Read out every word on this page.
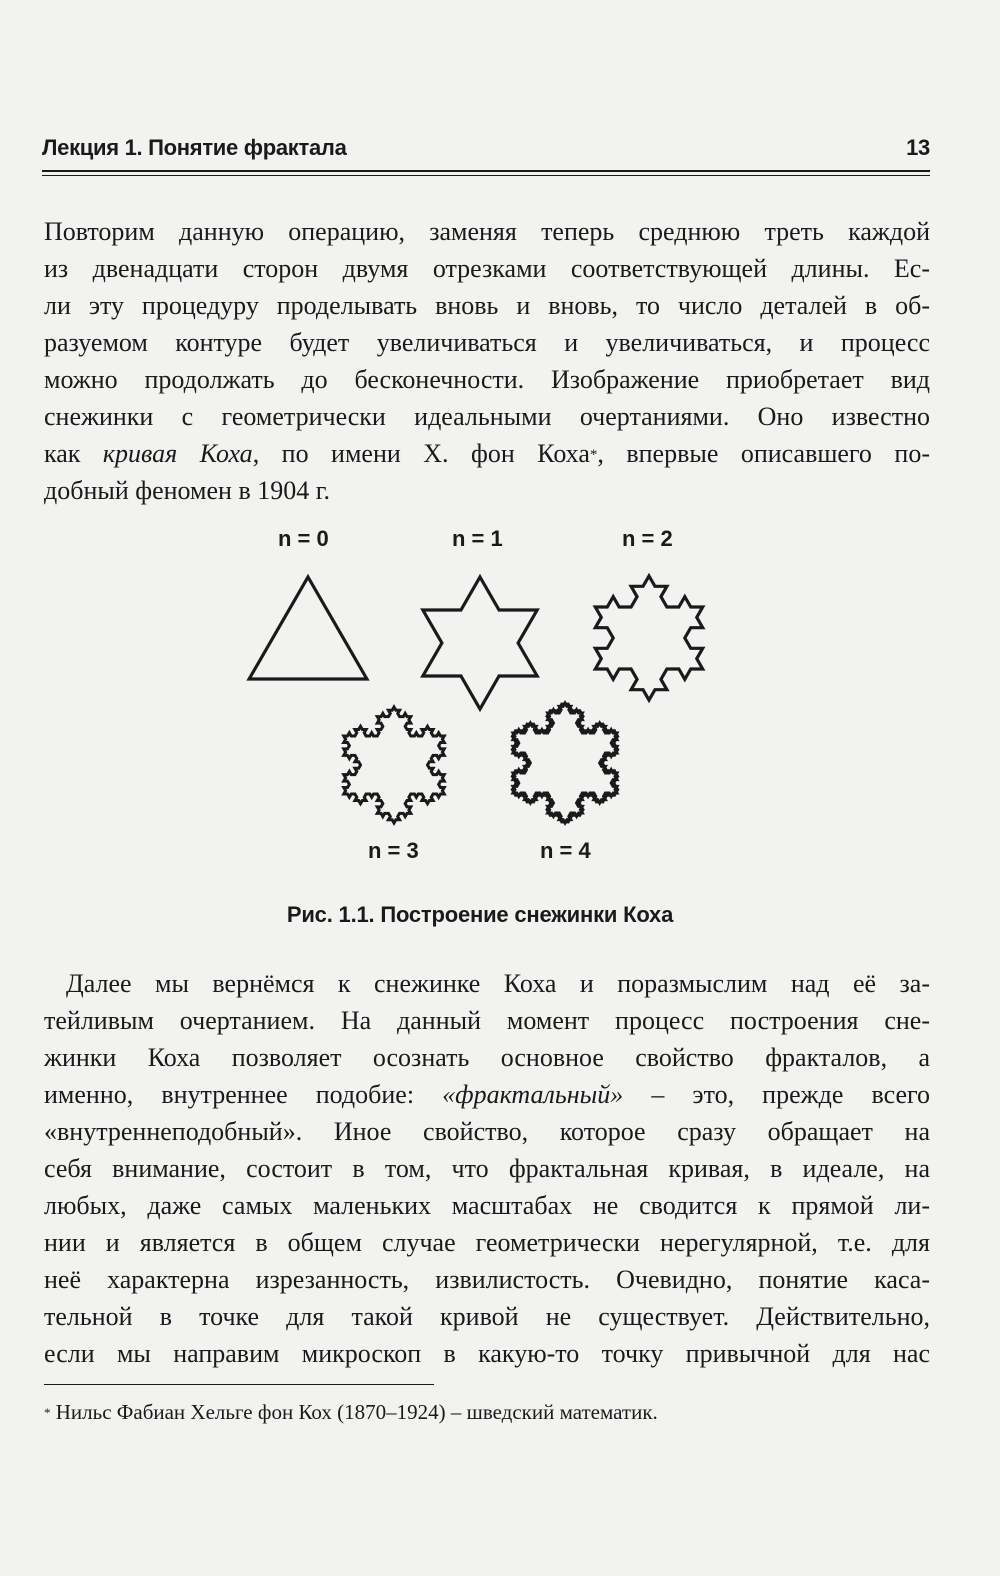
Лекция 1. Понятие фрактала	13
Повторим данную операцию, заменяя теперь среднюю треть каждой
из двенадцати сторон двумя отрезками соответствующей длины. Ес-
ли эту процедуру проделывать вновь и вновь, то число деталей в об-
разуемом контуре будет увеличиваться и увеличиваться, и процесс
можно продолжать до бесконечности. Изображение приобретает вид
снежинки с геометрически идеальными очертаниями. Оно известно
как кривая Коха, по имени Х. фон Коха*, впервые описавшего по-
добный феномен в 1904 г.
n = 0	n = 1	n = 2
n = 3	n = 4
Рис. 1.1. Построение снежинки Коха
Далее мы вернёмся к снежинке Коха и поразмыслим над её за-
тейливым очертанием. На данный момент процесс построения сне-
жинки Коха позволяет осознать основное свойство фракталов, а
именно, внутреннее подобие: «фрактальный» – это, прежде всего
«внутреннеподобный». Иное свойство, которое сразу обращает на
себя внимание, состоит в том, что фрактальная кривая, в идеале, на
любых, даже самых маленьких масштабах не сводится к прямой ли-
нии и является в общем случае геометрически нерегулярной, т.е. для
неё характерна изрезанность, извилистость. Очевидно, понятие каса-
тельной в точке для такой кривой не существует. Действительно,
если мы направим микроскоп в какую-то точку привычной для нас
* Нильс Фабиан Хельге фон Кох (1870–1924) – шведский математик.
